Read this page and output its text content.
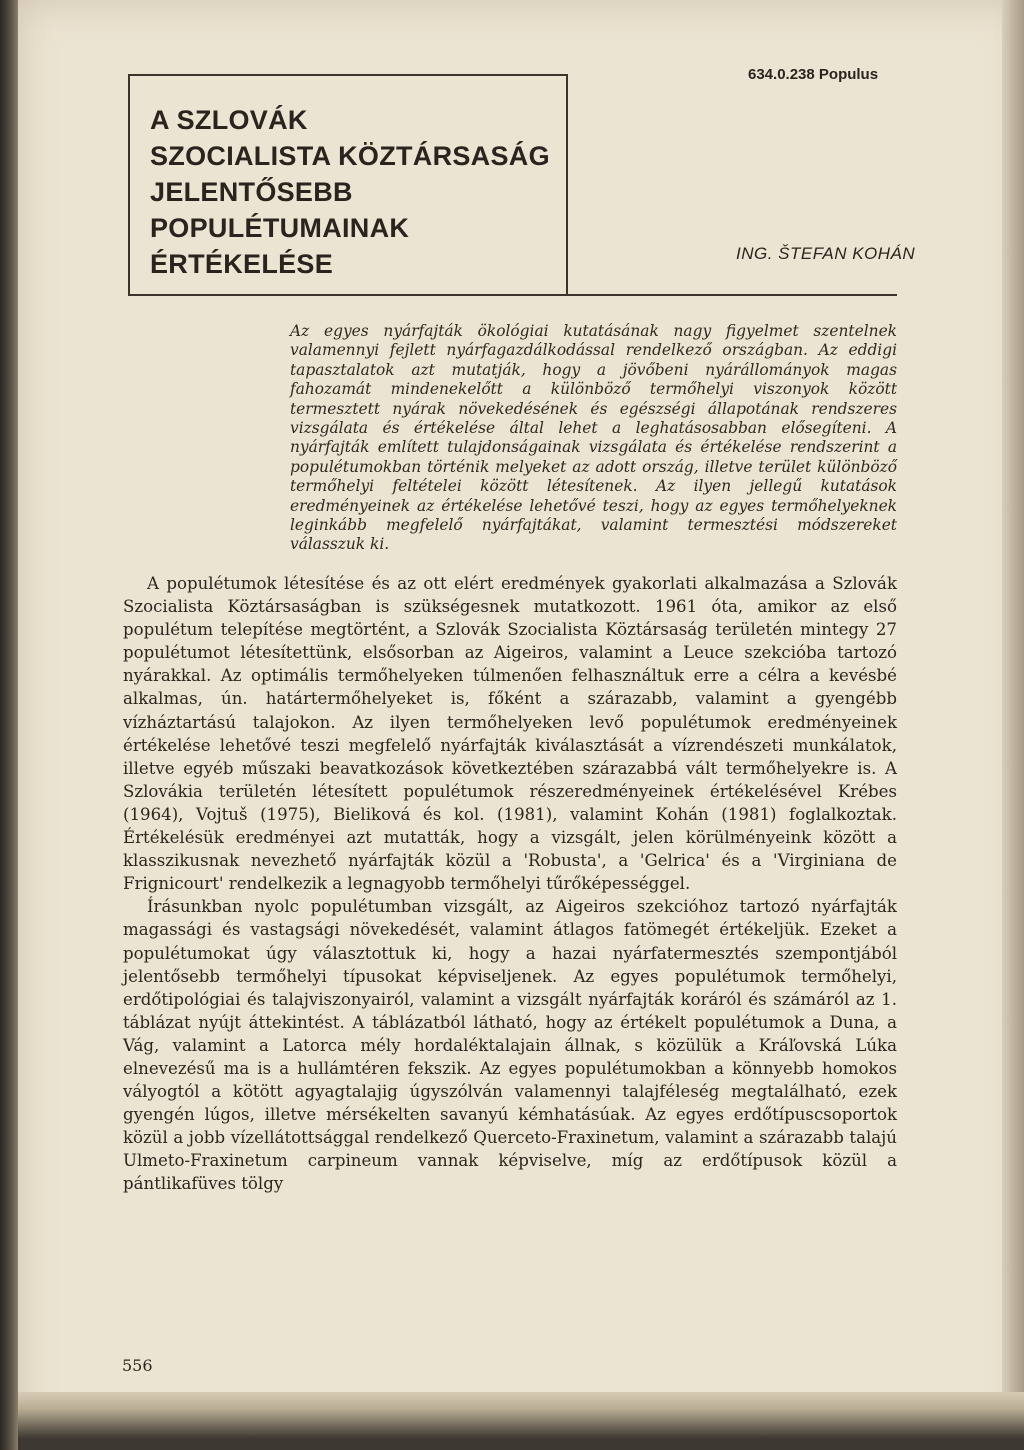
A SZLOVÁK
SZOCIALISTA KÖZTÁRSASÁG
JELENTŐSEBB POPULÉTUMAINAK
ÉRTÉKELÉSE
634.0.238 Populus
ING. ŠTEFAN KOHÁN

Az egyes nyárfajták ökológiai kutatásának nagy figyelmet szentelnek valamennyi fejlett nyárfagazdálkodással rendelkező országban. Az eddigi tapasztalatok azt mutatják, hogy a jövőbeni nyárállományok magas fahozamát mindenekelőtt a különböző termőhelyi viszonyok között termesztett nyárak növekedésének és egészségi állapotának rendszeres vizsgálata és értékelése által lehet a leghatásosabban elősegíteni. A nyárfajták említett tulajdonságainak vizsgálata és értékelése rendszerint a populétumokban történik melyeket az adott ország, illetve terület különböző termőhelyi feltételei között létesítenek. Az ilyen jellegű kutatások eredményeinek az értékelése lehetővé teszi, hogy az egyes termőhelyeknek leginkább megfelelő nyárfajtákat, valamint termesztési módszereket válasszuk ki.

A populétumok létesítése és az ott elért eredmények gyakorlati alkalmazása a Szlovák Szocialista Köztársaságban is szükségesnek mutatkozott. 1961 óta, amikor az első populétum telepítése megtörtént, a Szlovák Szocialista Köztársaság területén mintegy 27 populétumot létesítettünk, elsősorban az Aigeiros, valamint a Leuce szekcióba tartozó nyárakkal. Az optimális termőhelyeken túlmenően felhasználtuk erre a célra a kevésbé alkalmas, ún. határtermőhelyeket is, főként a szárazabb, valamint a gyengébb vízháztartású talajokon. Az ilyen termőhelyeken levő populétumok eredményeinek értékelése lehetővé teszi megfelelő nyárfajták kiválasztását a vízrendészeti munkálatok, illetve egyéb műszaki beavatkozások következtében szárazabbá vált termőhelyekre is. A Szlovákia területén létesített populétumok részeredményeinek értékelésével Krébes (1964), Vojtuš (1975), Bieliková és kol. (1981), valamint Kohán (1981) foglalkoztak. Értékelésük eredményei azt mutatták, hogy a vizsgált, jelen körülményeink között a klasszikusnak nevezhető nyárfajták közül a 'Robusta', a 'Gelrica' és a 'Virginiana de Frignicourt' rendelkezik a legnagyobb termőhelyi tűrőképességgel.

Írásunkban nyolc populétumban vizsgált, az Aigeiros szekcióhoz tartozó nyárfajták magassági és vastagsági növekedését, valamint átlagos fatömegét értékeljük. Ezeket a populétumokat úgy választottuk ki, hogy a hazai nyárfatermesztés szempontjából jelentősebb termőhelyi típusokat képviseljenek. Az egyes populétumok termőhelyi, erdőtipológiai és talajviszonyairól, valamint a vizsgált nyárfajták koráról és számáról az 1. táblázat nyújt áttekintést. A táblázatból látható, hogy az értékelt populétumok a Duna, a Vág, valamint a Latorca mély hordaléktalajain állnak, s közülük a Kráľovská Lúka elnevezésű ma is a hullámtéren fekszik. Az egyes populétumokban a könnyebb homokos vályogtól a kötött agyagtalajig úgyszólván valamennyi talajféleség megtalálható, ezek gyengén lúgos, illetve mérsékelten savanyú kémhatásúak. Az egyes erdőtípuscsoportok közül a jobb vízellátottsággal rendelkező Querceto-Fraxinetum, valamint a szárazabb talajú Ulmeto-Fraxinetum carpineum vannak képviselve, míg az erdőtípusok közül a pántlikafüves tölgy

556
